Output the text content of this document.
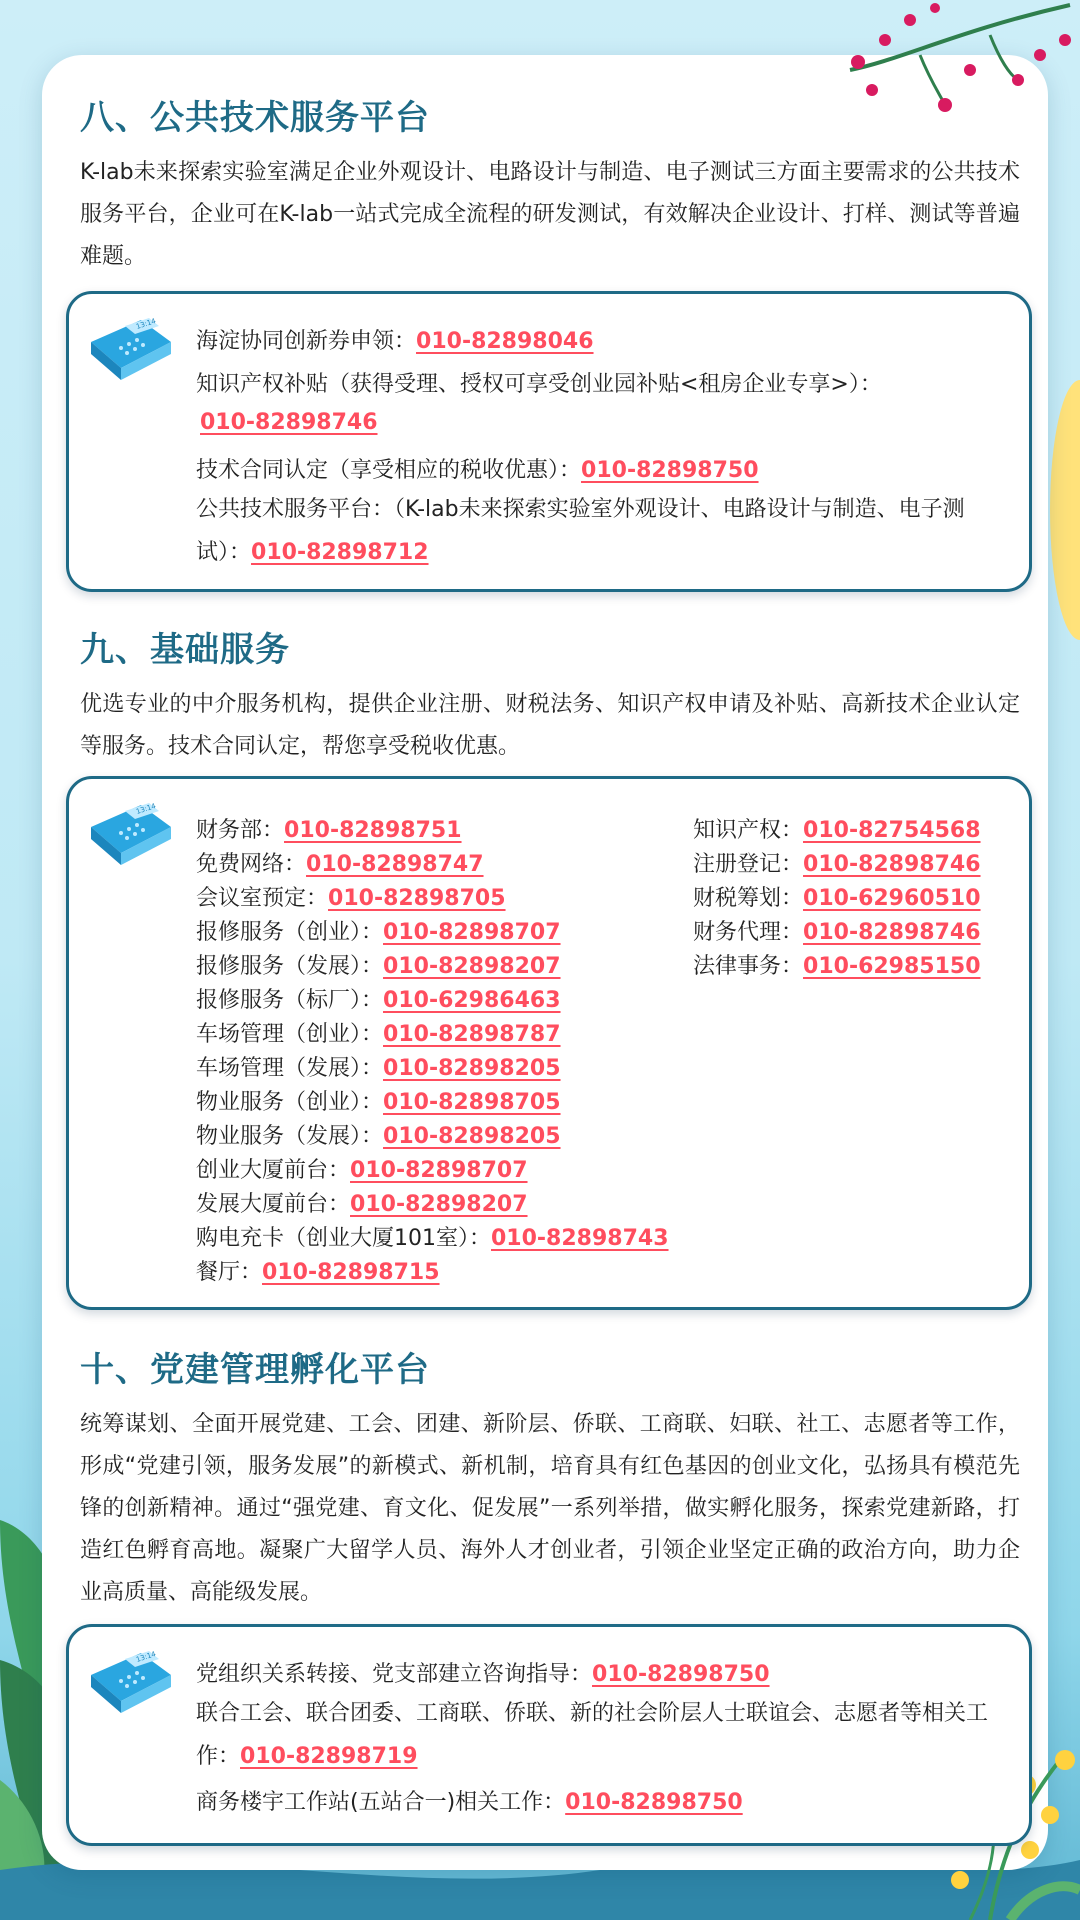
八、公共技术服务平台
K-lab未来探索实验室满足企业外观设计、电路设计与制造、电子测试三方面主要需求的公共技术服务平台，企业可在K-lab一站式完成全流程的研发测试，有效解决企业设计、打样、测试等普遍难题。
13:14
海淀协同创新券申领：010-82898046
知识产权补贴（获得受理、授权可享受创业园补贴<租房企业专享>）：
010-82898746
技术合同认定（享受相应的税收优惠）：010-82898750
公共技术服务平台：（K-lab未来探索实验室外观设计、电路设计与制造、电子测试）：010-82898712
九、基础服务
优选专业的中介服务机构，提供企业注册、财税法务、知识产权申请及补贴、高新技术企业认定等服务。技术合同认定，帮您享受税收优惠。
13:14
财务部：010-82898751
免费网络：010-82898747
会议室预定：010-82898705
报修服务（创业）：010-82898707
报修服务（发展）：010-82898207
报修服务（标厂）：010-62986463
车场管理（创业）：010-82898787
车场管理（发展）：010-82898205
物业服务（创业）：010-82898705
物业服务（发展）：010-82898205
创业大厦前台：010-82898707
发展大厦前台：010-82898207
购电充卡（创业大厦101室）：010-82898743
餐厅：010-82898715
知识产权：010-82754568
注册登记：010-82898746
财税筹划：010-62960510
财务代理：010-82898746
法律事务：010-62985150
十、党建管理孵化平台
统筹谋划、全面开展党建、工会、团建、新阶层、侨联、工商联、妇联、社工、志愿者等工作，形成“党建引领，服务发展”的新模式、新机制，培育具有红色基因的创业文化，弘扬具有模范先锋的创新精神。通过“强党建、育文化、促发展”一系列举措，做实孵化服务，探索党建新路，打造红色孵育高地。凝聚广大留学人员、海外人才创业者，引领企业坚定正确的政治方向，助力企业高质量、高能级发展。
13:14
党组织关系转接、党支部建立咨询指导：010-82898750
联合工会、联合团委、工商联、侨联、新的社会阶层人士联谊会、志愿者等相关工作：010-82898719
商务楼宇工作站(五站合一)相关工作：010-82898750
